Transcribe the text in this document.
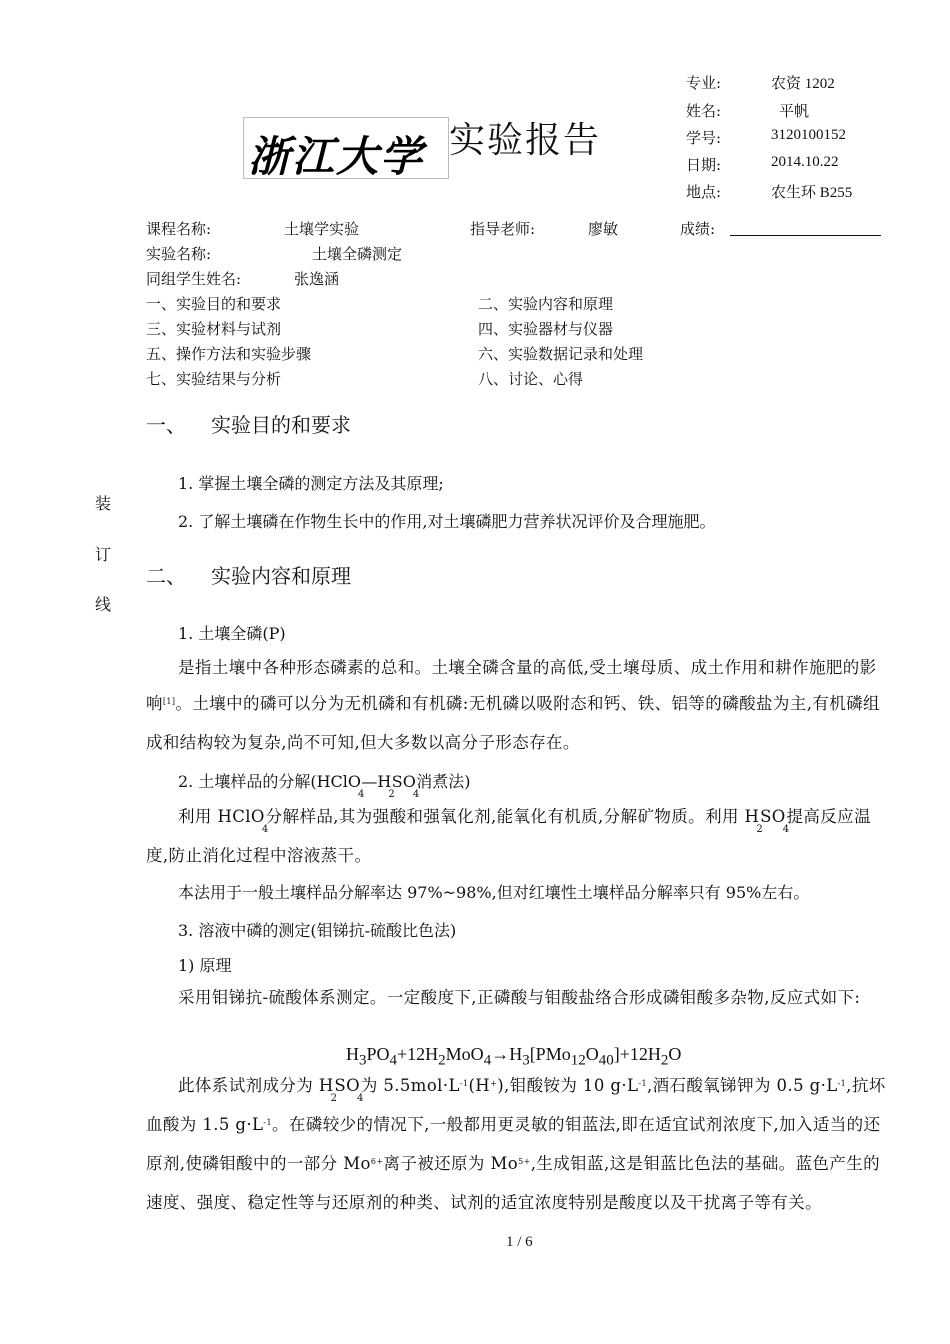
浙江大学 实验报告
专业:	农资 1202
姓名:	平帆
学号:	3120100152
日期:	2014.10.22
地点:	农生环 B255
课程名称:	土壤学实验	指导老师:	廖敏	成绩:
实验名称:	土壤全磷测定
同组学生姓名:	张逸涵
一、实验目的和要求	二、实验内容和原理
三、实验材料与试剂	四、实验器材与仪器
五、操作方法和实验步骤	六、实验数据记录和处理
七、实验结果与分析	八、讨论、心得
装
订
线
一、 实验目的和要求
1. 掌握土壤全磷的测定方法及其原理;
2. 了解土壤磷在作物生长中的作用,对土壤磷肥力营养状况评价及合理施肥。
二、 实验内容和原理
1. 土壤全磷(P)
是指土壤中各种形态磷素的总和。土壤全磷含量的高低,受土壤母质、成土作用和耕作施肥的影响[1]。土壤中的磷可以分为无机磷和有机磷:无机磷以吸附态和钙、铁、铝等的磷酸盐为主,有机磷组成和结构较为复杂,尚不可知,但大多数以高分子形态存在。
2. 土壤样品的分解($HClO_4—H_2SO_4$消煮法)
利用 HClO$_4$分解样品,其为强酸和强氧化剂,能氧化有机质,分解矿物质。利用 $H_2SO_4$提高反应温度,防止消化过程中溶液蒸干。
本法用于一般土壤样品分解率达 97%~98%,但对红壤性土壤样品分解率只有 95%左右。
3. 溶液中磷的测定(钼锑抗-硫酸比色法)
1) 原理
采用钼锑抗-硫酸体系测定。一定酸度下,正磷酸与钼酸盐络合形成磷钼酸多杂物,反应式如下:
$H_3PO_4+12H_2MoO_4\to H_3[PMo_{12}O_{40}]+12H_2O$
此体系试剂成分为 $H_2SO_4$为 $5.5mol\cdot L^{-1}(H^+)$,钼酸铵为 10 $g\cdot L^{-1}$,酒石酸氧锑钾为 0.5 $g\cdot L^{-1}$,抗坏血酸为 1.5 $g\cdot L^{-1}$。在磷较少的情况下,一般都用更灵敏的钼蓝法,即在适宜试剂浓度下,加入适当的还原剂,使磷钼酸中的一部分 $Mo^{6+}$离子被还原为 $Mo^{5+}$,生成钼蓝,这是钼蓝比色法的基础。蓝色产生的速度、强度、稳定性等与还原剂的种类、试剂的适宜浓度特别是酸度以及干扰离子等有关。
1 / 6
